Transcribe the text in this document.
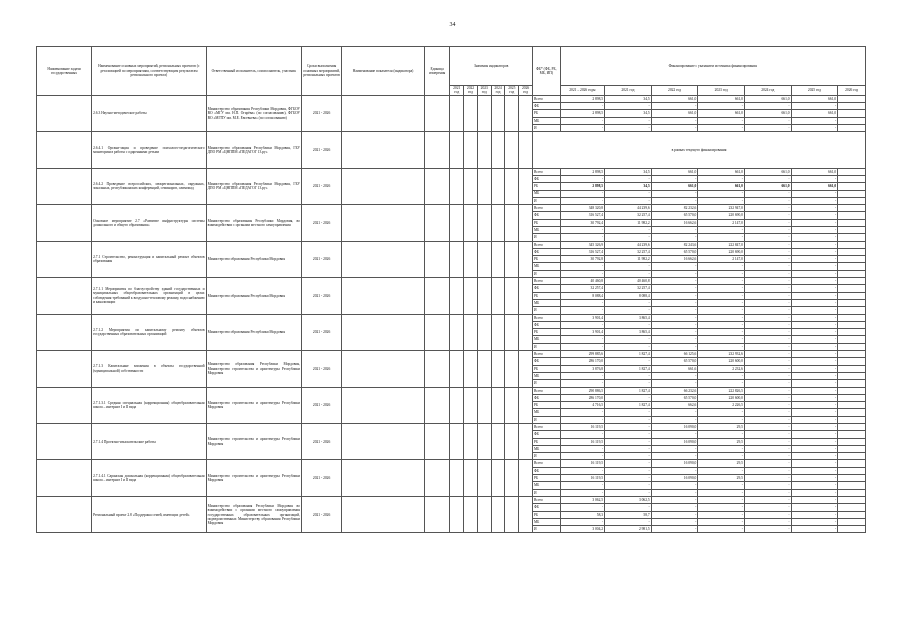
34
Наименование задачи государственных	Наименование основных мероприятий, региональных проектов (с детализацией по мероприятиям, соответствующим результатам регионального проекта)	Ответственный исполнитель, соисполнитель, участник	Сроки выполнения основных мероприятий, региональных проектов	Наименование показателя (индикатора)	Единица измерения	Значения индикаторов						ФБ* (ФБ, РБ, МБ, ИП)	Финансирование с указанием источника финансирования						
						2021 год	2022 год	2023 год	2024 год	2025 год	2026 год		2021 – 2026 годы	2021 год	2022 год	2023 год	2024 год	2025 год	2026 год
	2.6.3 Научно-методическое работы	Министерство образования Республики Мордовия, ФГБОУ ВО «МГУ им. Н.П. Огарёва» (по согласованию), ФГБОУ ВО «МГПУ им. М.Е. Евсевьева» (по согласованию)	2021 - 2026									Всего	2 898,5	34,5	661,0	661,0	661,0	661,0	
												ФБ	-	-	-	-	-	-	
												РБ	2 898,5	34,5	661,0	661,0	661,0	661,0	
												МБ	-	-	-	-	-	-	
												И	-	-	-	-	-	-	
	2.6.4.1 Органи-зация и проведение психолого-педагогического мониторинга работы с одаренными детьми	Министерство образования Республики Мордовия, ГБУ ДПО РМ «ЦНППМ «ПЕДАГОГ 13.ру»	2021 - 2026									в рамках текущего финансирования							
	2.6.4.2 Проведение всероссийских, межрегиональных, окружных, зональных, республиканских конференций, семинаров, олимпиад	Министерство образования Республики Мордовия, ГБУ ДПО РМ «ЦНППМ «ПЕДАГОГ 13.ру»	2021 - 2026									Всего	2 898,5	34,5	661,0	661,0	661,0	661,0	
												ФБ	-	-	-	-	-	-	
												РБ	2 898,5	34,5	661,0	661,0	661,0	661,0	
												МБ	-	-	-	-	-	-	
												И	-	-	-	-	-	-	
	Основное мероприятие 2.7 «Развитие инфраструктуры системы дошкольного и общего образования»	Министерство образования Республики Мордовия, во взаимодействии с органами местного самоуправления	2021 - 2026									Всего	348 320,8	44 239,6	82 232,6	232 947,0	-	-	
												ФБ	316 527,4	32 257,4	65 570,0	220 690,0	-	-	
												РБ	30 792,4	11 982,2	16 662,6	2 147,0	-	-	
												МБ	-	-	-	-	-	-	
												И	-	-	-	-	-	-	
	2.7.1 Строительство, реконструкция и капитальный ремонт объектов образования	Министерство образования Республики Мордовия	2021 - 2026									Всего	345 326,9	44 239,6	82 243,6	222 847,0	-	-	
												ФБ	316 527,4	32 257,4	65 570,0	220 690,0	-	-	
												РБ	30 792,8	11 982,2	16 662,6	2 147,0	-	-	
												МБ	-	-	-	-	-	-	
												И	-	-	-	-	-	-	
	2.7.1.1 Мероприятия по благоустройству зданий государственных и муниципальных общеобразовательных организаций в целях соблюдения требований к воздушно-тепловому режиму, водоснабжению и канализации	Министерство образования Республики Мордовия	2021 - 2026									Всего	40 460,8	40 460,8	-	-	-	-	
												ФБ	32 257,4	32 257,4	-	-	-	-	
												РБ	8 088,4	8 088,4	-	-	-	-	
												МБ	-	-	-	-	-	-	
												И	-	-	-	-	-	-	
	2.7.1.2 Мероприятия по капитальному ремонту объектов государственных образовательных организаций	Министерство образования Республики Мордовия	2021 - 2026									Всего	3 901,4	3 865,4	-	-	-	-	
												ФБ	-	-	-	-	-	-	
												РБ	3 901,4	3 865,4	-	-	-	-	
												МБ	-	-	-	-	-	-	
												И	-	-	-	-	-	-	
	2.7.1.3 Капитальные вложения в объекты государственной (муниципальной) собственности	Министерство образования Республики Мордовия, Министерство строительства и архитектуры Республики Мордовия	2021 - 2026									Всего	299 885,6	1 827,4	66 125,6	232 932,6	-	-	
												ФБ	286 170,0	-	65 570,0	220 600,0	-	-	
												РБ	3 876,8	1 827,4	661,6	2 232,6	-	-	
												МБ	-	-	-	-	-	-	
												И	-	-	-	-	-	-	
	2.7.1.3.1 Средняя специальная (коррекционная) общеобразовательная школа – интернат I и II вида	Министерство строительства и архитектуры Республики Мордовия	2021 - 2026									Всего	290 886,5	1 827,4	66 232,6	222 826,5	-	-	
												ФБ	286 170,0	-	65 570,0	220 600,0	-	-	
												РБ	4 716,5	1 827,4	662,6	2 226,5	-	-	
												МБ	-	-	-	-	-	-	
												И	-	-	-	-	-	-	
	2.7.1.4 Проектно-изыскательские работы	Министерство строительства и архитектуры Республики Мордовия	2021 - 2026									Всего	16 119,5	-	16 090,0	29,5	-	-	
												ФБ	-	-	-	-	-	-	
												РБ	16 119,5	-	16 090,0	29,5	-	-	
												МБ	-	-	-	-	-	-	
												И	-	-	-	-	-	-	
	2.7.1.4.1 Саранская дошкольная (коррекционная) общеобразовательная школа – интернат I и II вида	Министерство строительства и архитектуры Республики Мордовия	2021 - 2026									Всего	16 119,5	-	16 090,0	29,5	-	-	
												ФБ	-	-	-	-	-	-	
												РБ	16 119,5	-	16 090,0	29,5	-	-	
												МБ	-	-	-	-	-	-	
												И	-	-	-	-	-	-	
	Региональный проект 2.8 «Поддержка семей, имеющих детей»	Министерство образования Республики Мордовия во взаимодействии с органами местного самоуправления государственных образовательных организаций, подведомственных Министерству образования Республики Мордовия	2021 - 2026									Всего	3 062,5	3 062,5	-	-	-	-	
												ФБ	-	-	-	-	-	-	
												РБ	58,3	58,7	-	-	-	-	
												МБ	-	-	-	-	-	-	
												И	3 004,2	2 981,5	-	-	-	-	
